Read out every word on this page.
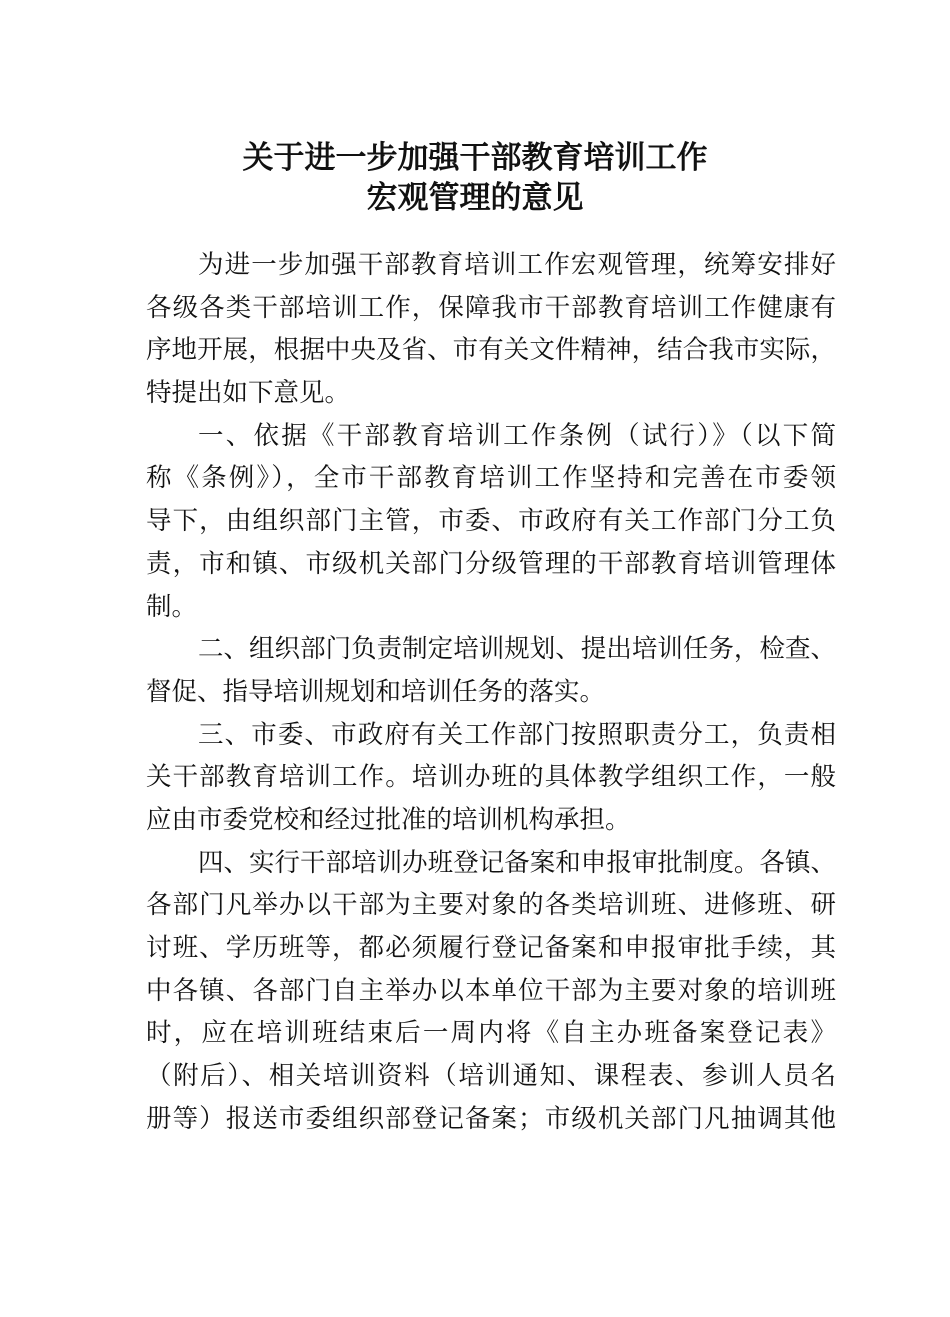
关于进一步加强干部教育培训工作
宏观管理的意见
为进一步加强干部教育培训工作宏观管理，统筹安排好
各级各类干部培训工作，保障我市干部教育培训工作健康有
序地开展，根据中央及省、市有关文件精神，结合我市实际，
特提出如下意见。
一、依据《干部教育培训工作条例（试行）》（以下简
称《条例》），全市干部教育培训工作坚持和完善在市委领
导下，由组织部门主管，市委、市政府有关工作部门分工负
责，市和镇、市级机关部门分级管理的干部教育培训管理体
制。
二、组织部门负责制定培训规划、提出培训任务，检查、
督促、指导培训规划和培训任务的落实。
三、市委、市政府有关工作部门按照职责分工，负责相
关干部教育培训工作。培训办班的具体教学组织工作，一般
应由市委党校和经过批准的培训机构承担。
四、实行干部培训办班登记备案和申报审批制度。各镇、
各部门凡举办以干部为主要对象的各类培训班、进修班、研
讨班、学历班等，都必须履行登记备案和申报审批手续，其
中各镇、各部门自主举办以本单位干部为主要对象的培训班
时，应在培训班结束后一周内将《自主办班备案登记表》
（附后）、相关培训资料（培训通知、课程表、参训人员名
册等）报送市委组织部登记备案；市级机关部门凡抽调其他
